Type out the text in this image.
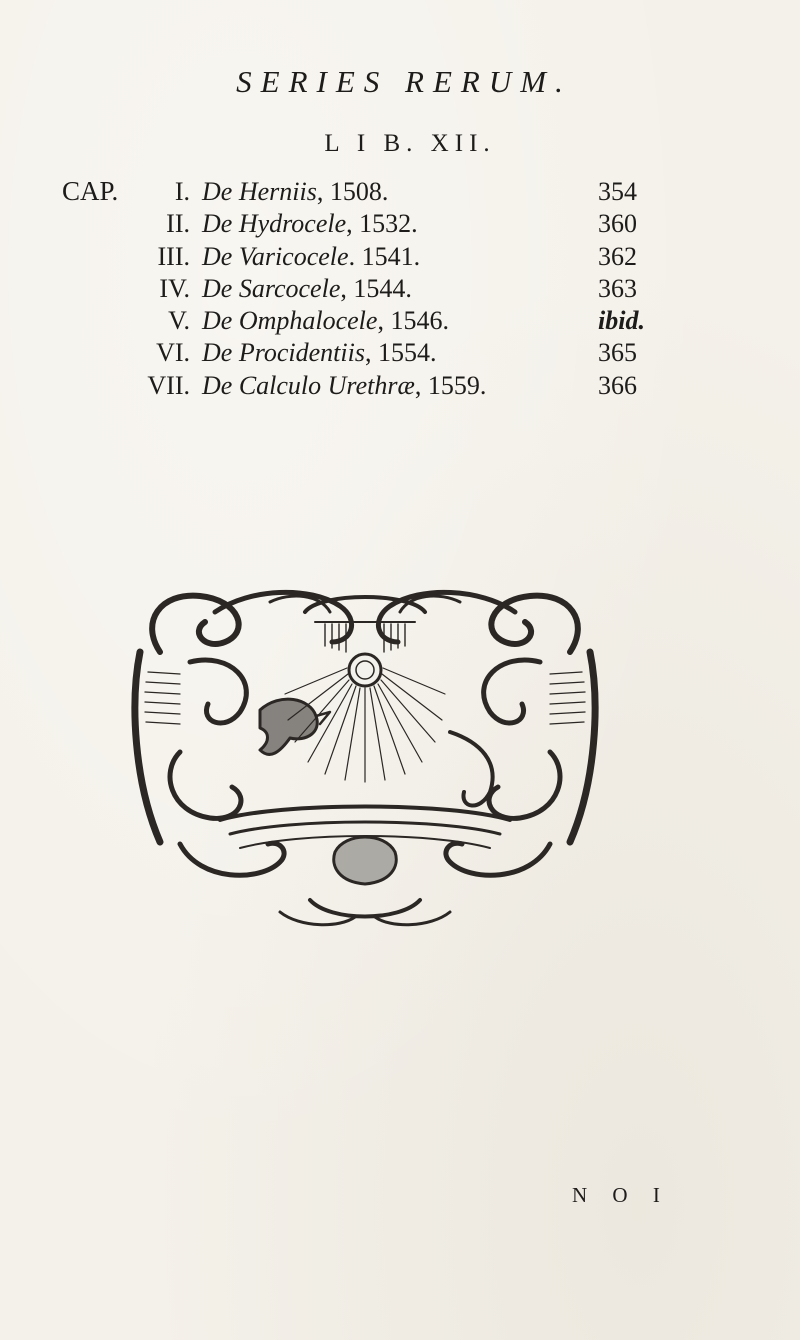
SERIES RERUM.
L I B. XII.
CAP. I. De Herniis, 1508.	354
II. De Hydrocele, 1532.	360
III. De Varicocele. 1541.	362
IV. De Sarcocele, 1544.	363
V. De Omphalocele, 1546.	ibid.
VI. De Procidentiis, 1554.	365
VII. De Calculo Urethræ, 1559.	366
N O I
